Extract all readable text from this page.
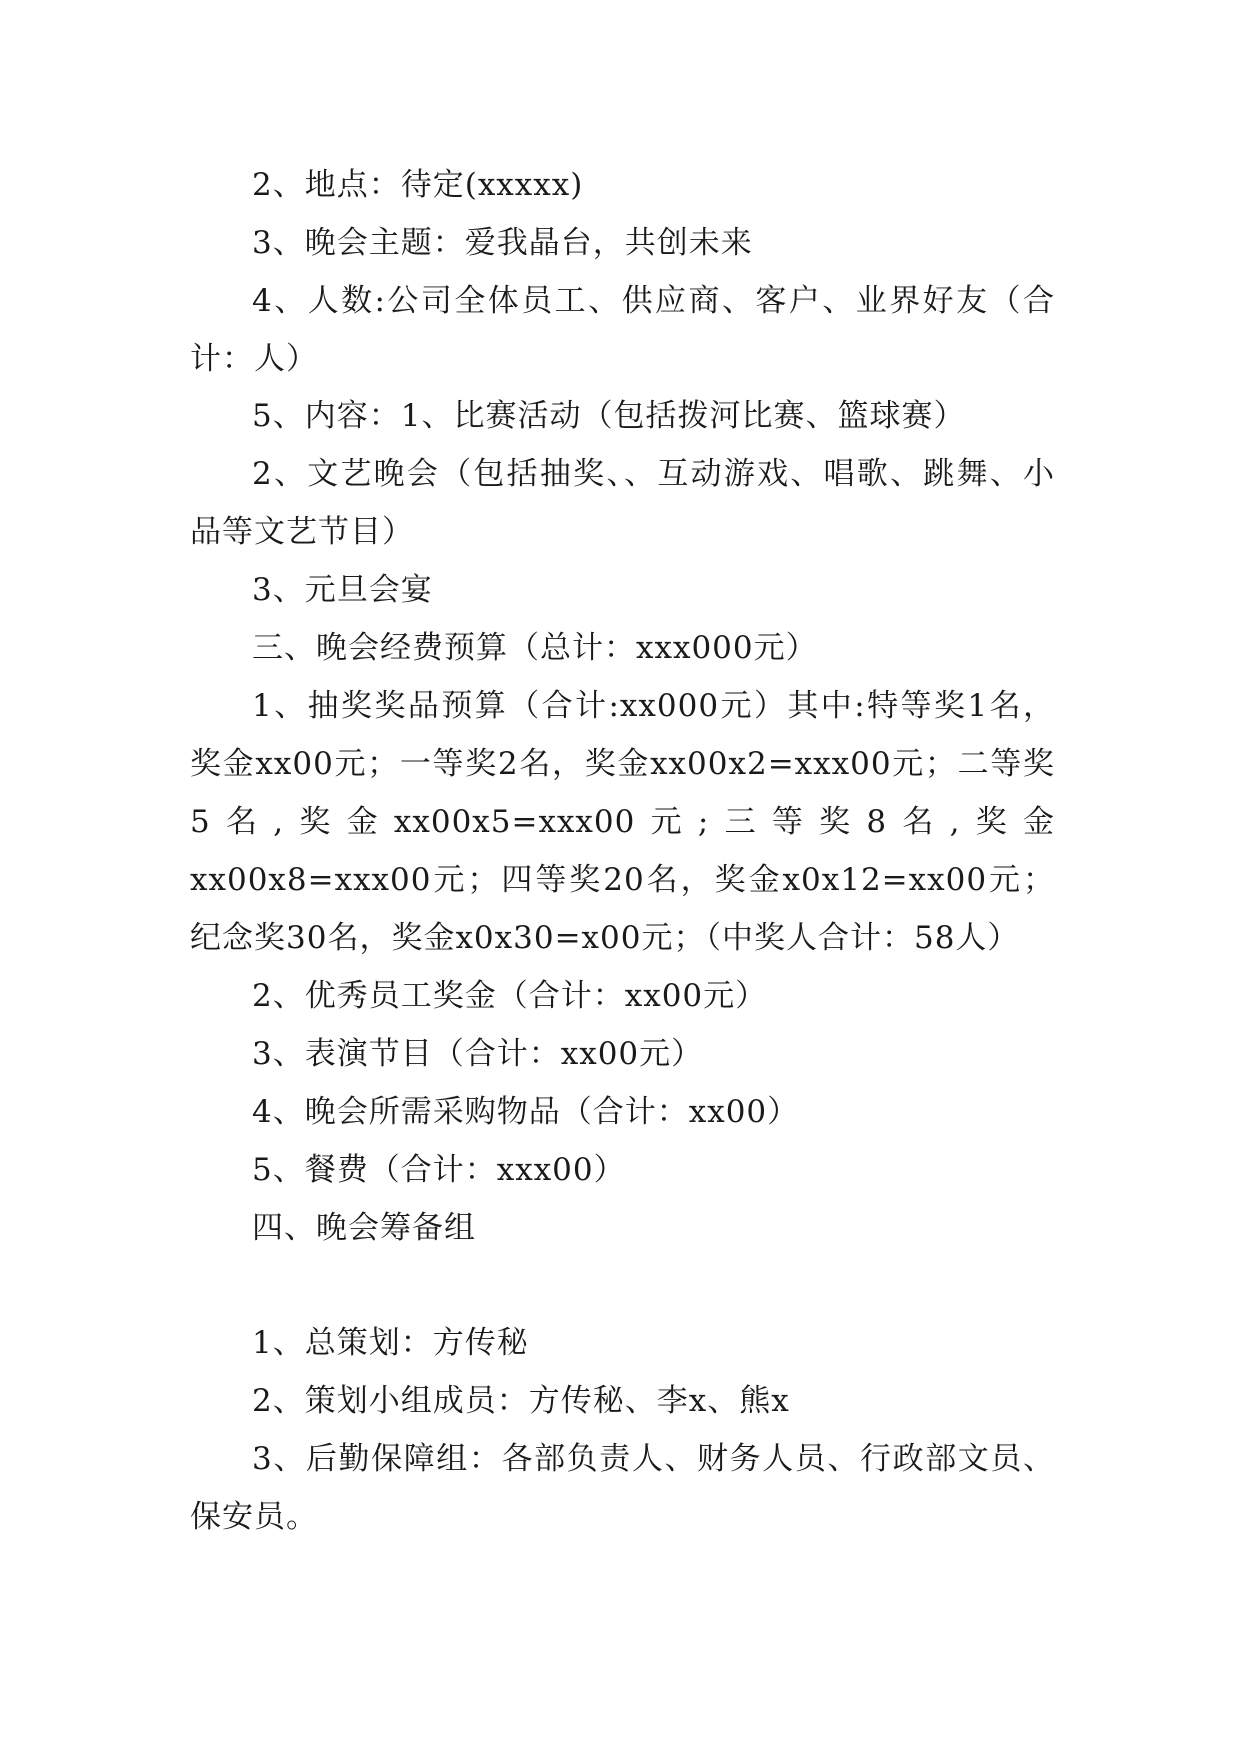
2、地点：待定(xxxxx)

3、晚会主题：爱我晶台，共创未来

4、人数:公司全体员工、供应商、客户、业界好友（合计：人）

5、内容：1、比赛活动（包括拨河比赛、篮球赛）

2、文艺晚会（包括抽奖、、互动游戏、唱歌、跳舞、小品等文艺节目）

3、元旦会宴

三、晚会经费预算（总计：xxx000元）

1、抽奖奖品预算（合计:xx000元）其中:特等奖1名，奖金xx00元；一等奖2名，奖金xx00x2=xxx00元；二等奖5名,奖金xx00x5=xxx00元;三等奖8名,奖金xx00x8=xxx00元；四等奖20名，奖金x0x12=xx00元；纪念奖30名，奖金x0x30=x00元；（中奖人合计：58人）

2、优秀员工奖金（合计：xx00元）

3、表演节目（合计：xx00元）

4、晚会所需采购物品（合计：xx00）

5、餐费（合计：xxx00）

四、晚会筹备组

1、总策划：方传秘

2、策划小组成员：方传秘、李x、熊x

3、后勤保障组：各部负责人、财务人员、行政部文员、保安员。
